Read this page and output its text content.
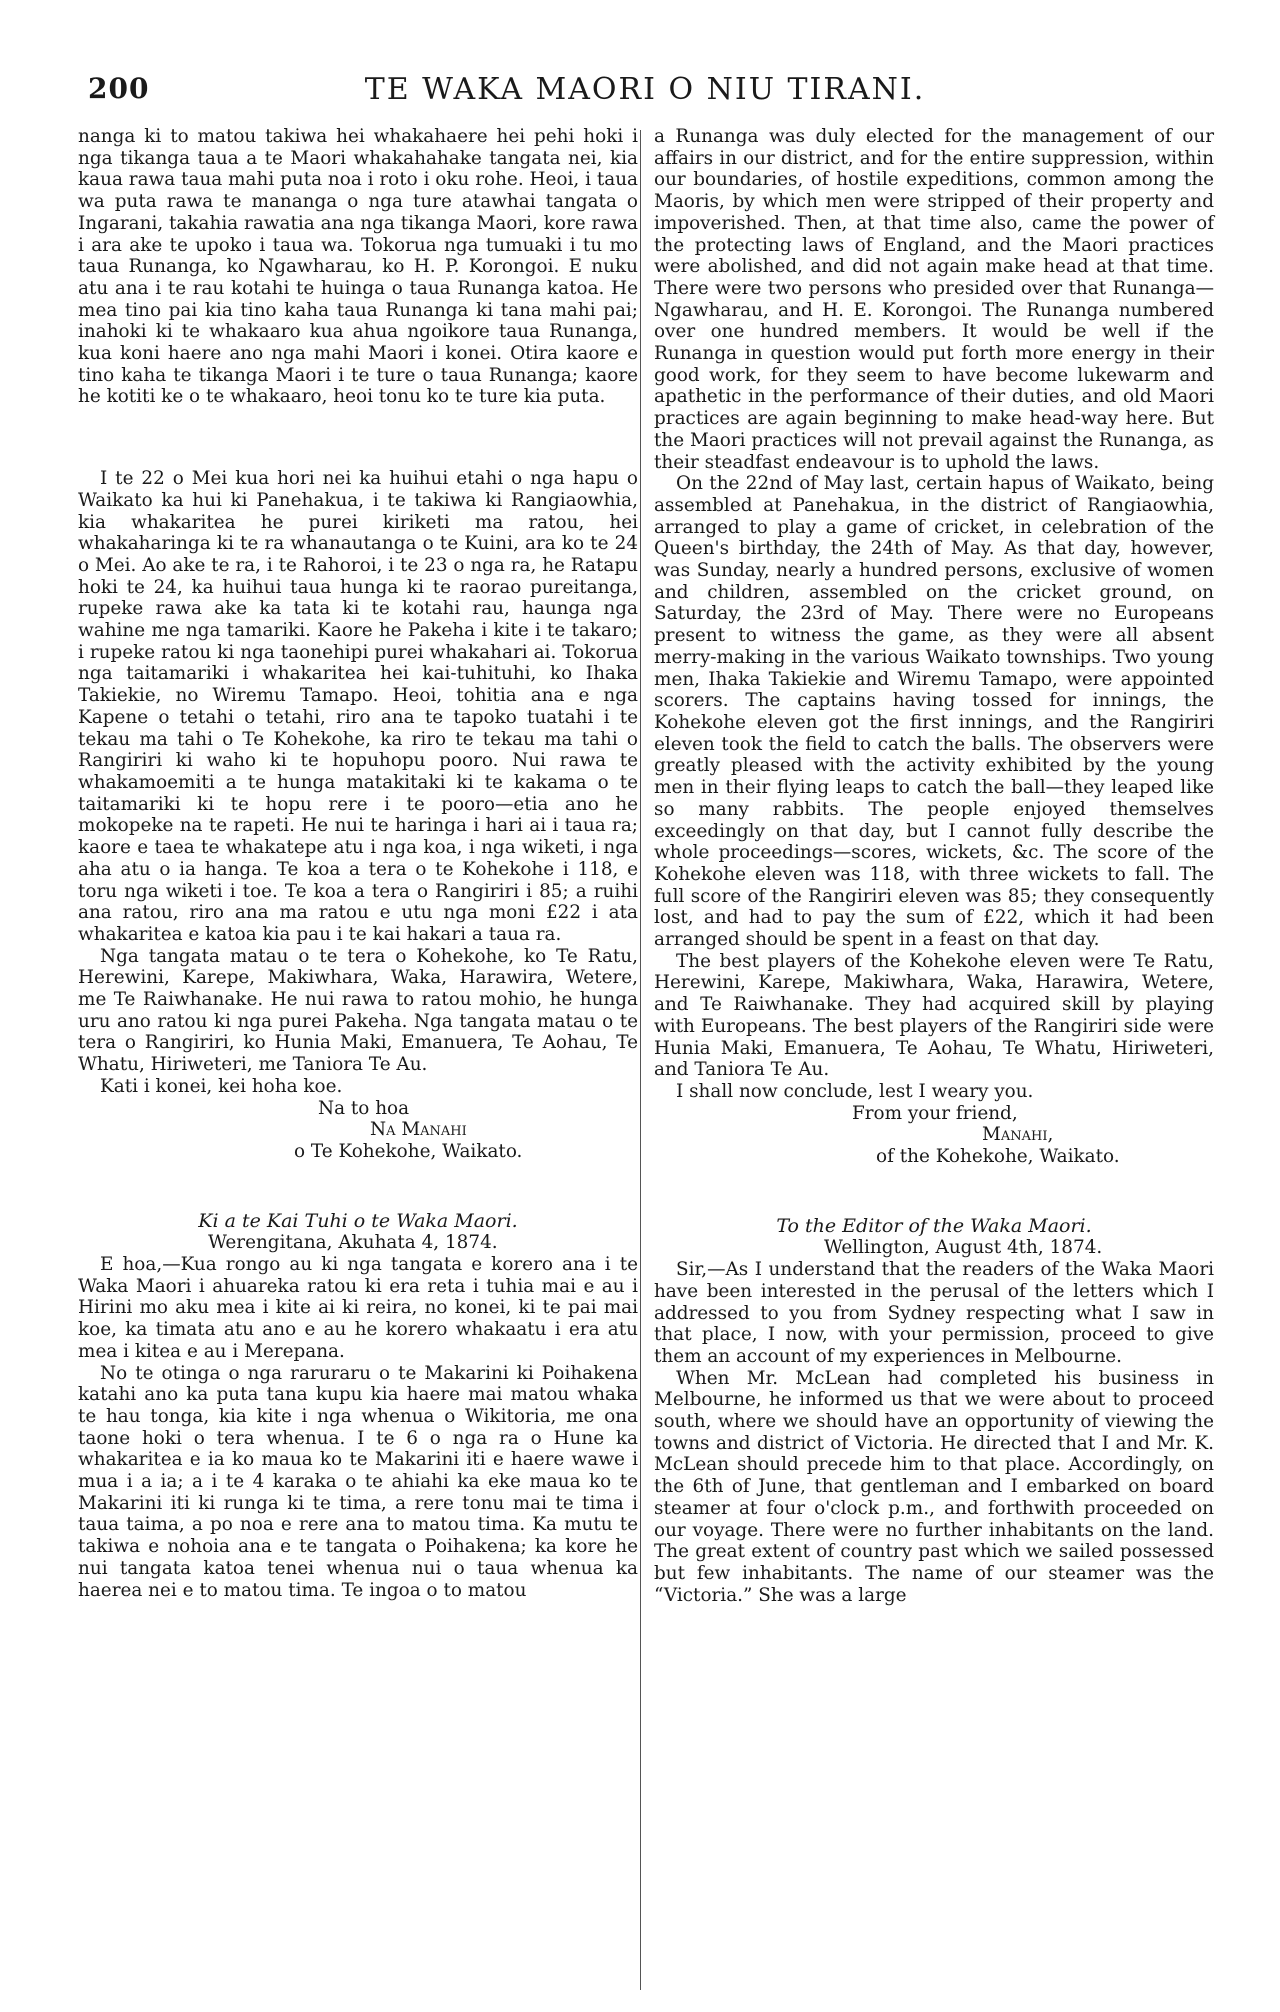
200	TE WAKA MAORI O NIU TIRANI.

nanga ki to matou takiwa hei whakahaere hei pehi hoki i nga tikanga taua a te Maori whakahahake tangata nei, kia kaua rawa taua mahi puta noa i roto i oku rohe. Heoi, i taua wa puta rawa te mananga o nga ture atawhai tangata o Ingarani, takahia rawatia ana nga tikanga Maori, kore rawa i ara ake te upoko i taua wa. Tokorua nga tumuaki i tu mo taua Runanga, ko Ngawharau, ko H. P. Korongoi. E nuku atu ana i te rau kotahi te huinga o taua Runanga katoa. He mea tino pai kia tino kaha taua Runanga ki tana mahi pai; inahoki ki te whakaaro kua ahua ngoikore taua Runanga, kua koni haere ano nga mahi Maori i konei. Otira kaore e tino kaha te tikanga Maori i te ture o taua Runanga; kaore he kotiti ke o te whakaaro, heoi tonu ko te ture kia puta.

I te 22 o Mei kua hori nei ka huihui etahi o nga hapu o Waikato ka hui ki Panehakua, i te takiwa ki Rangiaowhia, kia whakaritea he purei kiriketi ma ratou, hei whakaharinga ki te ra whanautanga o te Kuini, ara ko te 24 o Mei. Ao ake te ra, i te Rahoroi, i te 23 o nga ra, he Ratapu hoki te 24, ka huihui taua hunga ki te raorao pureitanga, rupeke rawa ake ka tata ki te kotahi rau, haunga nga wahine me nga tamariki. Kaore he Pakeha i kite i te takaro; i rupeke ratou ki nga taonehipi purei whakahari ai. Tokorua nga taitamariki i whakaritea hei kai-tuhituhi, ko Ihaka Takiekie, no Wiremu Tamapo. Heoi, tohitia ana e nga Kapene o tetahi o tetahi, riro ana te tapoko tuatahi i te tekau ma tahi o Te Kohekohe, ka riro te tekau ma tahi o Rangiriri ki waho ki te hopuhopu pooro. Nui rawa te whakamoemiti a te hunga matakitaki ki te kakama o te taitamariki ki te hopu rere i te pooro—etia ano he mokopeke na te rapeti. He nui te haringa i hari ai i taua ra; kaore e taea te whakatepe atu i nga koa, i nga wiketi, i nga aha atu o ia hanga. Te koa a tera o te Kohekohe i 118, e toru nga wiketi i toe. Te koa a tera o Rangiriri i 85; a ruihi ana ratou, riro ana ma ratou e utu nga moni £22 i ata whakaritea e katoa kia pau i te kai hakari a taua ra.

Nga tangata matau o te tera o Kohekohe, ko Te Ratu, Herewini, Karepe, Makiwhara, Waka, Harawira, Wetere, me Te Raiwhanake. He nui rawa to ratou mohio, he hunga uru ano ratou ki nga purei Pakeha. Nga tangata matau o te tera o Rangiriri, ko Hunia Maki, Emanuera, Te Aohau, Te Whatu, Hiriweteri, me Taniora Te Au.

Kati i konei, kei hoha koe.

Na to hoa
Na Manahi
o Te Kohekohe, Waikato.
Ki a te Kai Tuhi o te Waka Maori.
Werengitana, Akuhata 4, 1874.

E hoa,—Kua rongo au ki nga tangata e korero ana i te Waka Maori i ahuareka ratou ki era reta i tuhia mai e au i Hirini mo aku mea i kite ai ki reira, no konei, ki te pai mai koe, ka timata atu ano e au he korero whakaatu i era atu mea i kitea e au i Merepana.

No te otinga o nga raruraru o te Makarini ki Poihakena katahi ano ka puta tana kupu kia haere mai matou whaka te hau tonga, kia kite i nga whenua o Wikitoria, me ona taone hoki o tera whenua. I te 6 o nga ra o Hune ka whakaritea e ia ko maua ko te Makarini iti e haere wawe i mua i a ia; a i te 4 karaka o te ahiahi ka eke maua ko te Makarini iti ki runga ki te tima, a rere tonu mai te tima i taua taima, a po noa e rere ana to matou tima. Ka mutu te takiwa e nohoia ana e te tangata o Poihakena; ka kore he nui tangata katoa tenei whenua nui o taua whenua ka haerea nei e to matou tima. Te ingoa o to matou

a Runanga was duly elected for the management of our affairs in our district, and for the entire suppression, within our boundaries, of hostile expeditions, common among the Maoris, by which men were stripped of their property and impoverished. Then, at that time also, came the power of the protecting laws of England, and the Maori practices were abolished, and did not again make head at that time. There were two persons who presided over that Runanga—Ngawharau, and H. E. Korongoi. The Runanga numbered over one hundred members. It would be well if the Runanga in question would put forth more energy in their good work, for they seem to have become lukewarm and apathetic in the performance of their duties, and old Maori practices are again beginning to make head-way here. But the Maori practices will not prevail against the Runanga, as their steadfast endeavour is to uphold the laws.

On the 22nd of May last, certain hapus of Waikato, being assembled at Panehakua, in the district of Rangiaowhia, arranged to play a game of cricket, in celebration of the Queen's birthday, the 24th of May. As that day, however, was Sunday, nearly a hundred persons, exclusive of women and children, assembled on the cricket ground, on Saturday, the 23rd of May. There were no Europeans present to witness the game, as they were all absent merry-making in the various Waikato townships. Two young men, Ihaka Takiekie and Wiremu Tamapo, were appointed scorers. The captains having tossed for innings, the Kohekohe eleven got the first innings, and the Rangiriri eleven took the field to catch the balls. The observers were greatly pleased with the activity exhibited by the young men in their flying leaps to catch the ball—they leaped like so many rabbits. The people enjoyed themselves exceedingly on that day, but I cannot fully describe the whole proceedings—scores, wickets, &c. The score of the Kohekohe eleven was 118, with three wickets to fall. The full score of the Rangiriri eleven was 85; they consequently lost, and had to pay the sum of £22, which it had been arranged should be spent in a feast on that day.

The best players of the Kohekohe eleven were Te Ratu, Herewini, Karepe, Makiwhara, Waka, Harawira, Wetere, and Te Raiwhanake. They had acquired skill by playing with Europeans. The best players of the Rangiriri side were Hunia Maki, Emanuera, Te Aohau, Te Whatu, Hiriweteri, and Taniora Te Au.

I shall now conclude, lest I weary you.

From your friend,
Manahi,
of the Kohekohe, Waikato.
To the Editor of the Waka Maori.
Wellington, August 4th, 1874.

Sir,—As I understand that the readers of the Waka Maori have been interested in the perusal of the letters which I addressed to you from Sydney respecting what I saw in that place, I now, with your permission, proceed to give them an account of my experiences in Melbourne.

When Mr. McLean had completed his business in Melbourne, he informed us that we were about to proceed south, where we should have an opportunity of viewing the towns and district of Victoria. He directed that I and Mr. K. McLean should precede him to that place. Accordingly, on the 6th of June, that gentleman and I embarked on board steamer at four o'clock p.m., and forthwith proceeded on our voyage. There were no further inhabitants on the land. The great extent of country past which we sailed possessed but few inhabitants. The name of our steamer was the “Victoria.” She was a large
